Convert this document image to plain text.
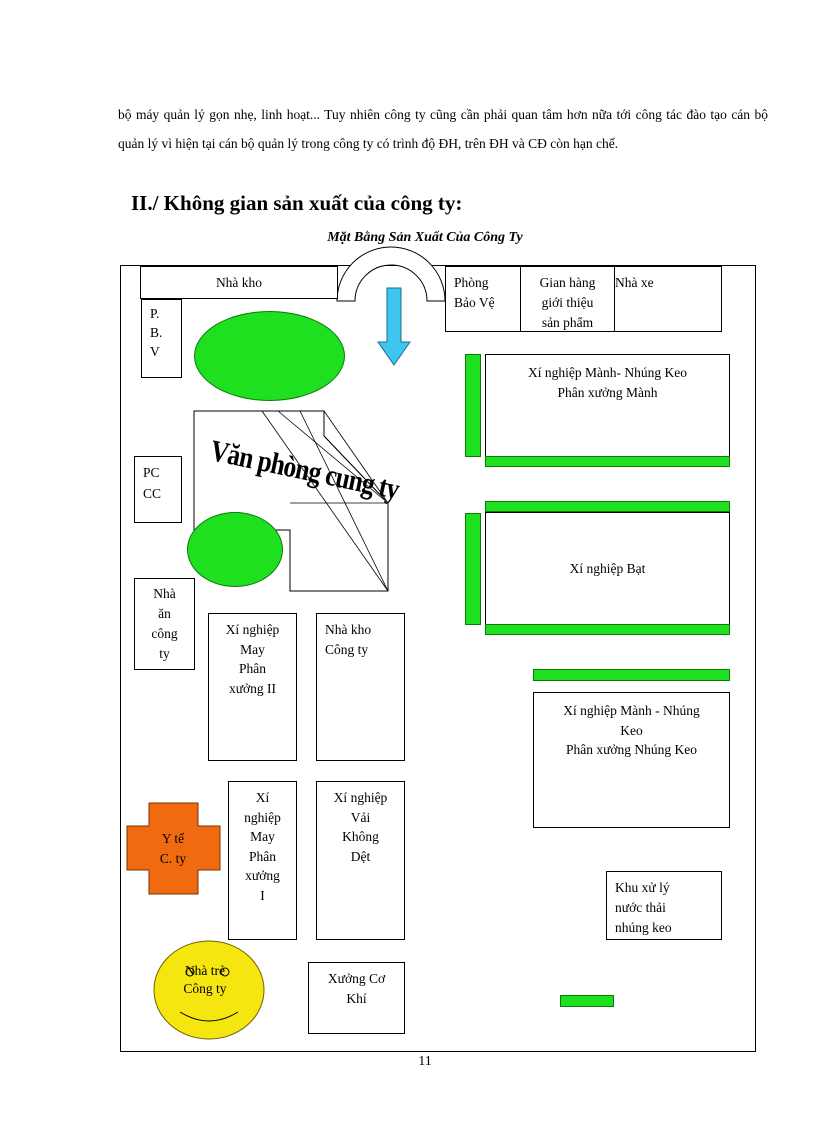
bộ máy quản lý gọn nhẹ, linh hoạt... Tuy nhiên công ty cũng cần phải quan tâm hơn nữa tới công tác đào tạo cán bộ quản lý vì hiện tại cán bộ quản lý trong công ty có trình độ ĐH, trên ĐH và CĐ còn hạn chế.

II./ Không gian sản xuất của công ty:
Mặt Bằng Sản Xuất Của Công Ty
Nhà kho	Phòng
Bảo Vệ
Gian hàng
giới thiệu
sản phẩm
Nhà xe
P.
B.
V
Xí nghiệp Mành- Nhúng Keo
Phân xưởng Mành
PC
CC	Văn phòng cung ty
Xí nghiệp Bạt
Nhà
ăn
công
ty
Xí nghiệp
May
Phân
xưởng II
Nhà kho
Công ty
Xí nghiệp Mành - Nhúng
Keo
Phân xưởng Nhúng Keo
Xí
nghiệp
May
Phân
xưởng
I
Xí nghiệp
Vải
Không
Dệt
Y tế
C. ty
Khu xử lý
nước thải
nhúng keo
Nhà trẻ
Công ty
Xưởng Cơ
Khí
11
